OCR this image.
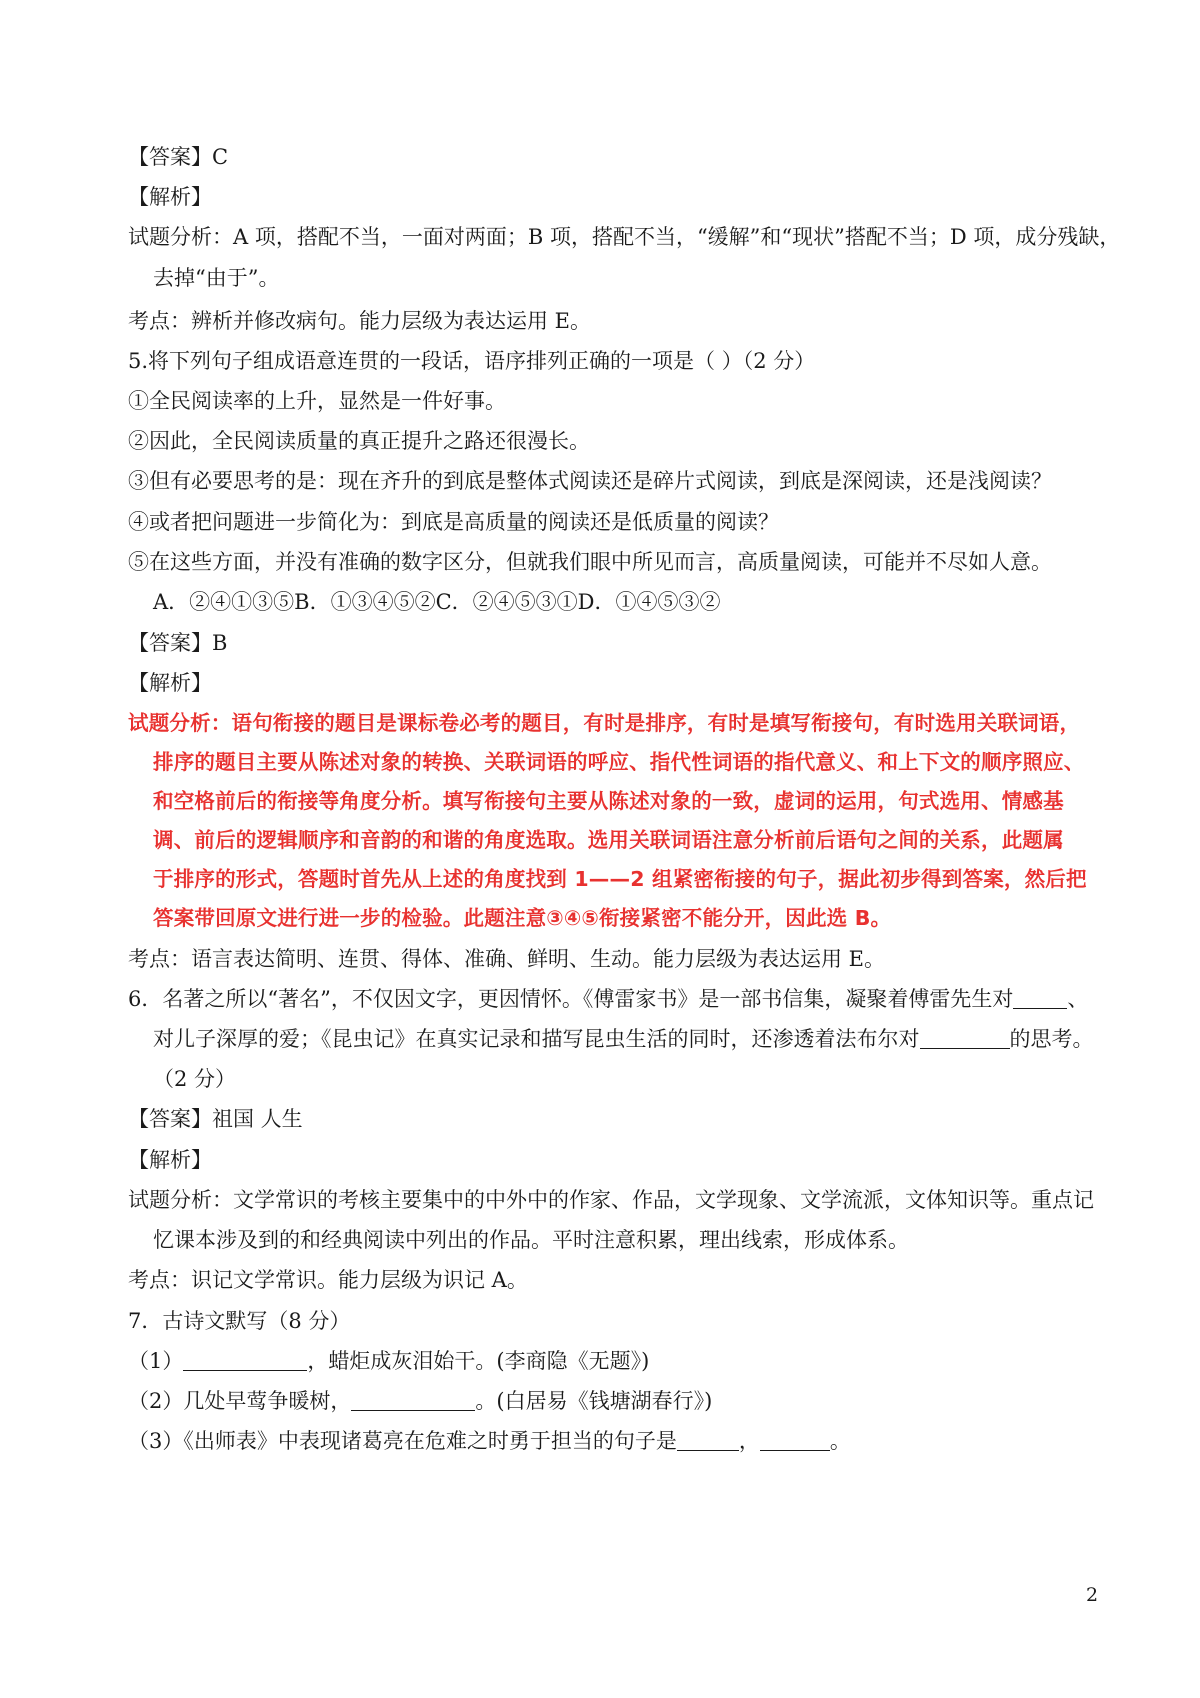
【答案】C
【解析】
试题分析：A 项，搭配不当，一面对两面；B 项，搭配不当，“缓解”和“现状”搭配不当；D 项，成分残缺，
去掉“由于”。
考点：辨析并修改病句。能力层级为表达运用 E。
5.将下列句子组成语意连贯的一段话，语序排列正确的一项是（ ）（2 分）
①全民阅读率的上升，显然是一件好事。
②因此，全民阅读质量的真正提升之路还很漫长。
③但有必要思考的是：现在齐升的到底是整体式阅读还是碎片式阅读，到底是深阅读，还是浅阅读？
④或者把问题进一步简化为：到底是高质量的阅读还是低质量的阅读？
⑤在这些方面，并没有准确的数字区分，但就我们眼中所见而言，高质量阅读，可能并不尽如人意。
A．②④①③⑤B．①③④⑤②C．②④⑤③①D．①④⑤③②
【答案】B
【解析】
试题分析：语句衔接的题目是课标卷必考的题目，有时是排序，有时是填写衔接句，有时选用关联词语，
排序的题目主要从陈述对象的转换、关联词语的呼应、指代性词语的指代意义、和上下文的顺序照应、
和空格前后的衔接等角度分析。填写衔接句主要从陈述对象的一致，虚词的运用，句式选用、情感基
调、前后的逻辑顺序和音韵的和谐的角度选取。选用关联词语注意分析前后语句之间的关系，此题属
于排序的形式，答题时首先从上述的角度找到 1——2 组紧密衔接的句子，据此初步得到答案，然后把
答案带回原文进行进一步的检验。此题注意③④⑤衔接紧密不能分开，因此选 B。
考点：语言表达简明、连贯、得体、准确、鲜明、生动。能力层级为表达运用 E。
6．名著之所以“著名”，不仅因文字，更因情怀。《傅雷家书》是一部书信集，凝聚着傅雷先生对	、
对儿子深厚的爱；《昆虫记》在真实记录和描写昆虫生活的同时，还渗透着法布尔对	的思考。
（2 分）
【答案】祖国 人生
【解析】
试题分析：文学常识的考核主要集中的中外中的作家、作品，文学现象、文学流派，文体知识等。重点记
忆课本涉及到的和经典阅读中列出的作品。平时注意积累，理出线索，形成体系。
考点：识记文学常识。能力层级为识记 A。
7．古诗文默写（8 分）
（1）	，蜡炬成灰泪始干。(李商隐《无题》)
（2）几处早莺争暖树，	。(白居易《钱塘湖春行》)
（3）《出师表》中表现诸葛亮在危难之时勇于担当的句子是	，	。
2
